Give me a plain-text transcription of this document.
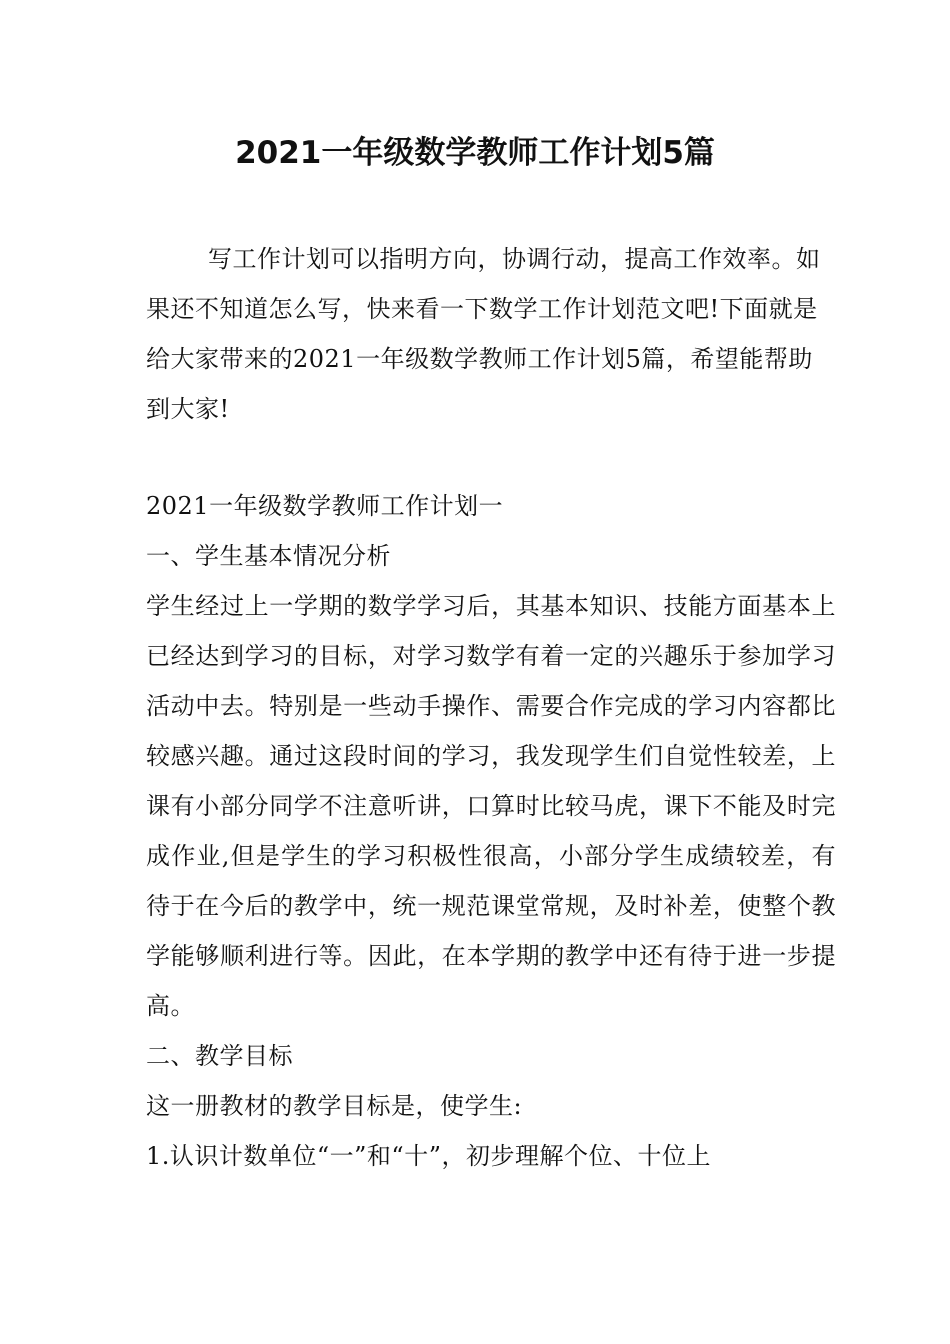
2021一年级数学教师工作计划5篇

写工作计划可以指明方向，协调行动，提高工作效率。如果还不知道怎么写，快来看一下数学工作计划范文吧!下面就是给大家带来的2021一年级数学教师工作计划5篇，希望能帮助到大家!

2021一年级数学教师工作计划一

一、学生基本情况分析

学生经过上一学期的数学学习后，其基本知识、技能方面基本上已经达到学习的目标，对学习数学有着一定的兴趣乐于参加学习活动中去。特别是一些动手操作、需要合作完成的学习内容都比较感兴趣。通过这段时间的学习，我发现学生们自觉性较差，上课有小部分同学不注意听讲，口算时比较马虎，课下不能及时完成作业,但是学生的学习积极性很高，小部分学生成绩较差，有待于在今后的教学中，统一规范课堂常规，及时补差，使整个教学能够顺利进行等。因此，在本学期的教学中还有待于进一步提高。

二、教学目标

这一册教材的教学目标是，使学生:

1.认识计数单位“一”和“十”，初步理解个位、十位上
